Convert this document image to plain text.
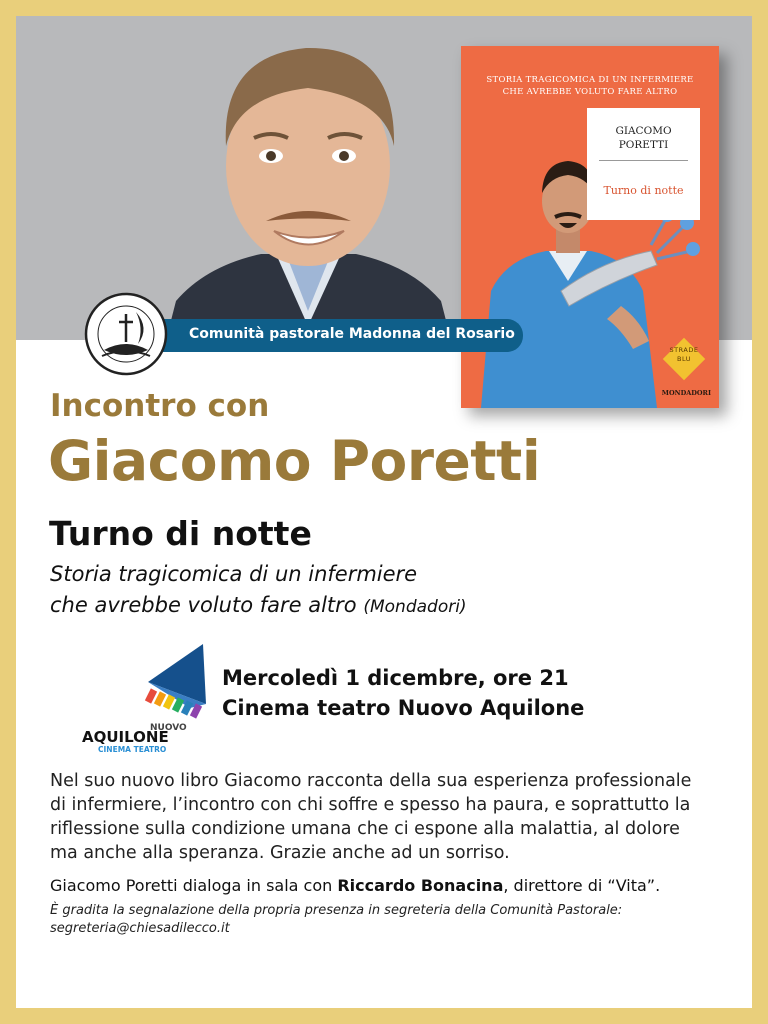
STORIA TRAGICOMICA DI UN INFERMIERE
CHE AVREBBE VOLUTO FARE ALTRO
GIACOMO
PORETTI
Turno di notte
STRADE
BLU
MONDADORI
Comunità pastorale Madonna del Rosario
Incontro con
Giacomo Poretti
Turno di notte
Storia tragicomica di un infermiere
che avrebbe voluto fare altro (Mondadori)
NUOVO
AQUILONE
CINEMA TEATRO
Mercoledì 1 dicembre, ore 21
Cinema teatro Nuovo Aquilone
Nel suo nuovo libro Giacomo racconta della sua esperienza professionale
di infermiere, l’incontro con chi soffre e spesso ha paura, e soprattutto la
riflessione sulla condizione umana che ci espone alla malattia, al dolore
ma anche alla speranza. Grazie anche ad un sorriso.
Giacomo Poretti dialoga in sala con Riccardo Bonacina, direttore di “Vita”.
È gradita la segnalazione della propria presenza in segreteria della Comunità Pastorale:
segreteria@chiesadilecco.it
